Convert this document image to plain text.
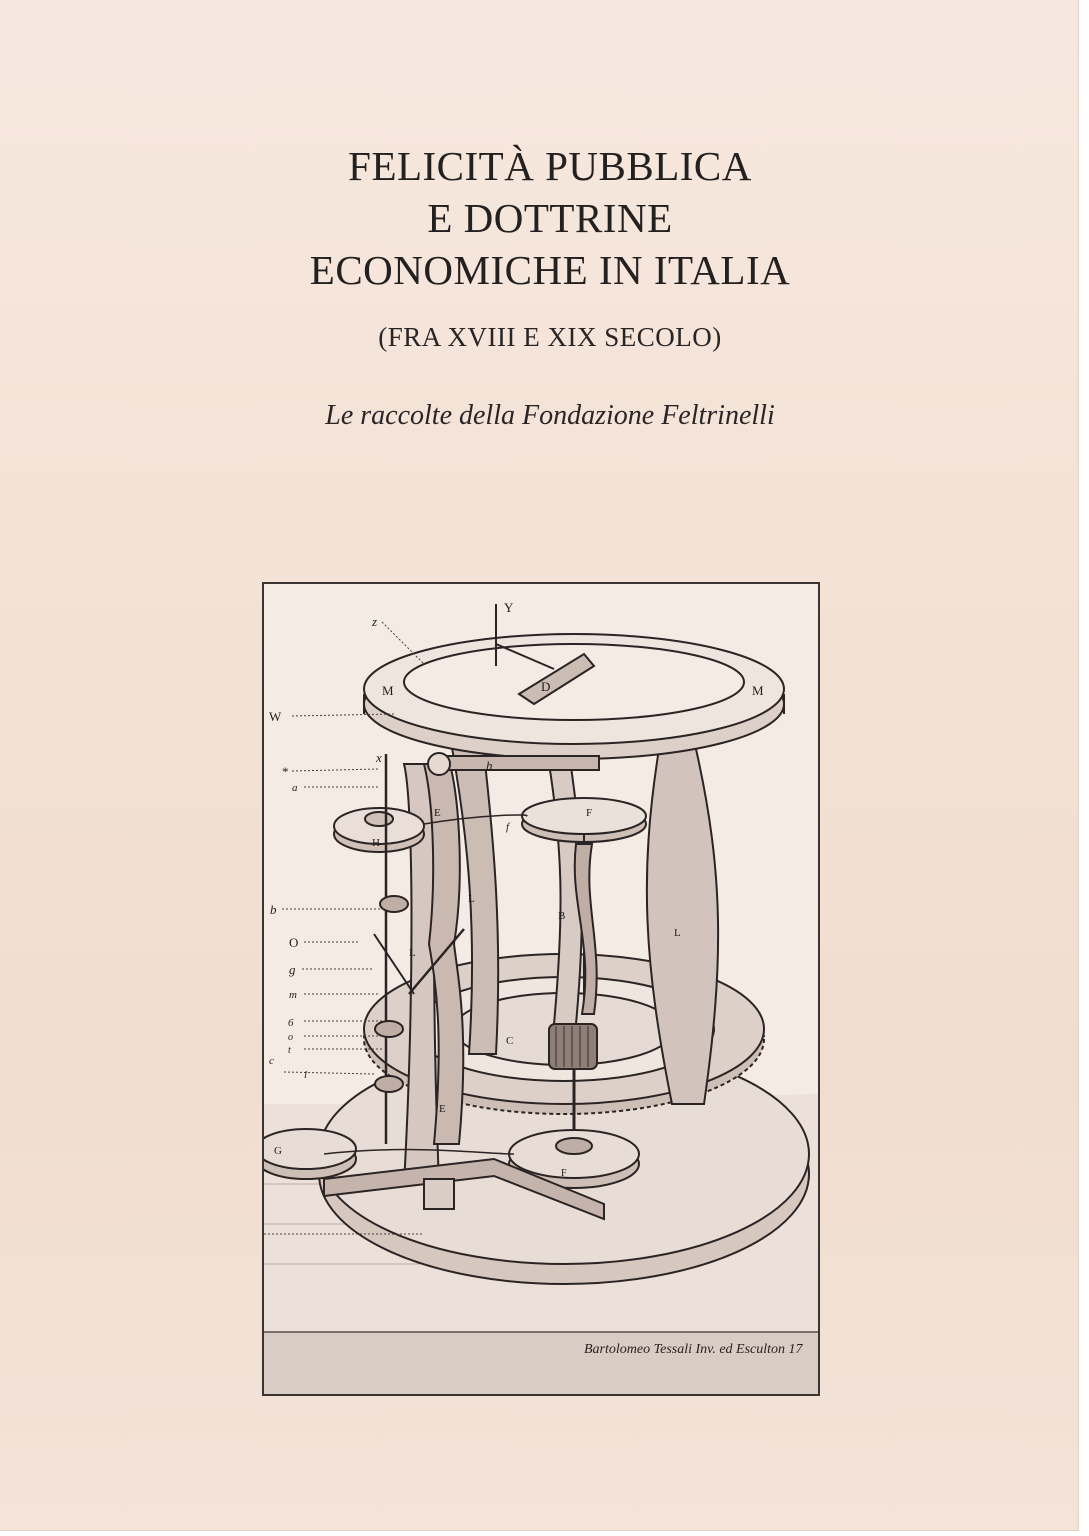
FELICITÀ PUBBLICA
E DOTTRINE
ECONOMICHE IN ITALIA
(FRA XVIII E XIX SECOLO)
Le raccolte della Fondazione Feltrinelli
Y
z
M	M
D
W
x
*
a
h
F
E
H
f
b
L
B
L
L
O
g
m
6
o
t
c
l
C
E
G
F
Bartolomeo Tessali Inv. ed Esculton 17
